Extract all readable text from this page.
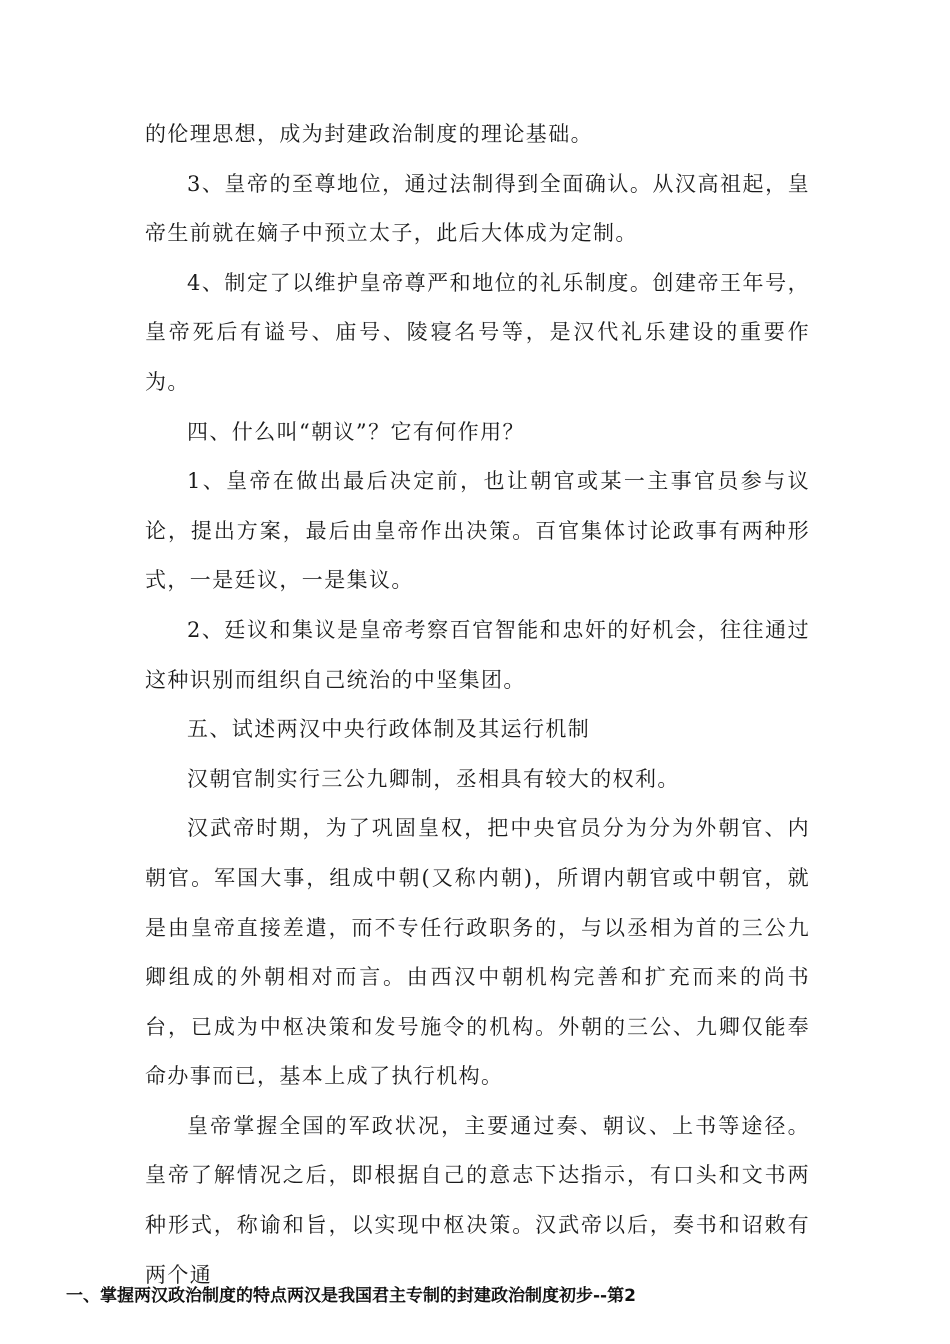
的伦理思想，成为封建政治制度的理论基础。

3、皇帝的至尊地位，通过法制得到全面确认。从汉高祖起，皇帝生前就在嫡子中预立太子，此后大体成为定制。

4、制定了以维护皇帝尊严和地位的礼乐制度。创建帝王年号，皇帝死后有谥号、庙号、陵寝名号等，是汉代礼乐建设的重要作为。

四、什么叫“朝议”？它有何作用？

1、皇帝在做出最后决定前，也让朝官或某一主事官员参与议论，提出方案，最后由皇帝作出决策。百官集体讨论政事有两种形式，一是廷议，一是集议。

2、廷议和集议是皇帝考察百官智能和忠奸的好机会，往往通过这种识别而组织自己统治的中坚集团。

五、试述两汉中央行政体制及其运行机制

汉朝官制实行三公九卿制，丞相具有较大的权利。

汉武帝时期，为了巩固皇权，把中央官员分为分为外朝官、内朝官。军国大事，组成中朝(又称内朝)，所谓内朝官或中朝官，就是由皇帝直接差遣，而不专任行政职务的，与以丞相为首的三公九卿组成的外朝相对而言。由西汉中朝机构完善和扩充而来的尚书台，已成为中枢决策和发号施令的机构。外朝的三公、九卿仅能奉命办事而已，基本上成了执行机构。

皇帝掌握全国的军政状况，主要通过奏、朝议、上书等途径。皇帝了解情况之后，即根据自己的意志下达指示，有口头和文书两种形式，称谕和旨，以实现中枢决策。汉武帝以后，奏书和诏敕有两个通

一、掌握两汉政治制度的特点两汉是我国君主专制的封建政治制度初步--第2
